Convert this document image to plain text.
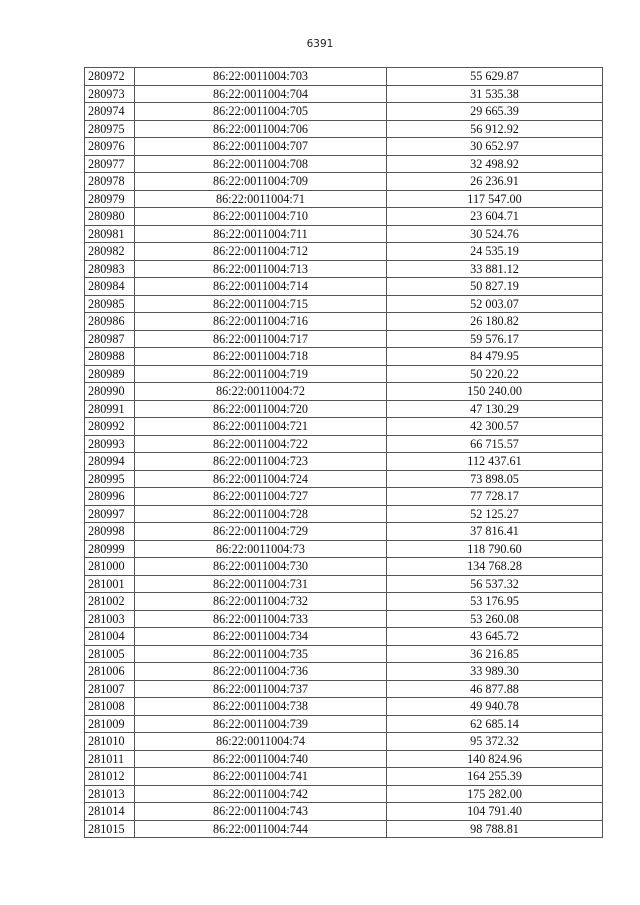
6391
280972	86:22:0011004:703	55 629.87
280973	86:22:0011004:704	31 535.38
280974	86:22:0011004:705	29 665.39
280975	86:22:0011004:706	56 912.92
280976	86:22:0011004:707	30 652.97
280977	86:22:0011004:708	32 498.92
280978	86:22:0011004:709	26 236.91
280979	86:22:0011004:71	117 547.00
280980	86:22:0011004:710	23 604.71
280981	86:22:0011004:711	30 524.76
280982	86:22:0011004:712	24 535.19
280983	86:22:0011004:713	33 881.12
280984	86:22:0011004:714	50 827.19
280985	86:22:0011004:715	52 003.07
280986	86:22:0011004:716	26 180.82
280987	86:22:0011004:717	59 576.17
280988	86:22:0011004:718	84 479.95
280989	86:22:0011004:719	50 220.22
280990	86:22:0011004:72	150 240.00
280991	86:22:0011004:720	47 130.29
280992	86:22:0011004:721	42 300.57
280993	86:22:0011004:722	66 715.57
280994	86:22:0011004:723	112 437.61
280995	86:22:0011004:724	73 898.05
280996	86:22:0011004:727	77 728.17
280997	86:22:0011004:728	52 125.27
280998	86:22:0011004:729	37 816.41
280999	86:22:0011004:73	118 790.60
281000	86:22:0011004:730	134 768.28
281001	86:22:0011004:731	56 537.32
281002	86:22:0011004:732	53 176.95
281003	86:22:0011004:733	53 260.08
281004	86:22:0011004:734	43 645.72
281005	86:22:0011004:735	36 216.85
281006	86:22:0011004:736	33 989.30
281007	86:22:0011004:737	46 877.88
281008	86:22:0011004:738	49 940.78
281009	86:22:0011004:739	62 685.14
281010	86:22:0011004:74	95 372.32
281011	86:22:0011004:740	140 824.96
281012	86:22:0011004:741	164 255.39
281013	86:22:0011004:742	175 282.00
281014	86:22:0011004:743	104 791.40
281015	86:22:0011004:744	98 788.81
